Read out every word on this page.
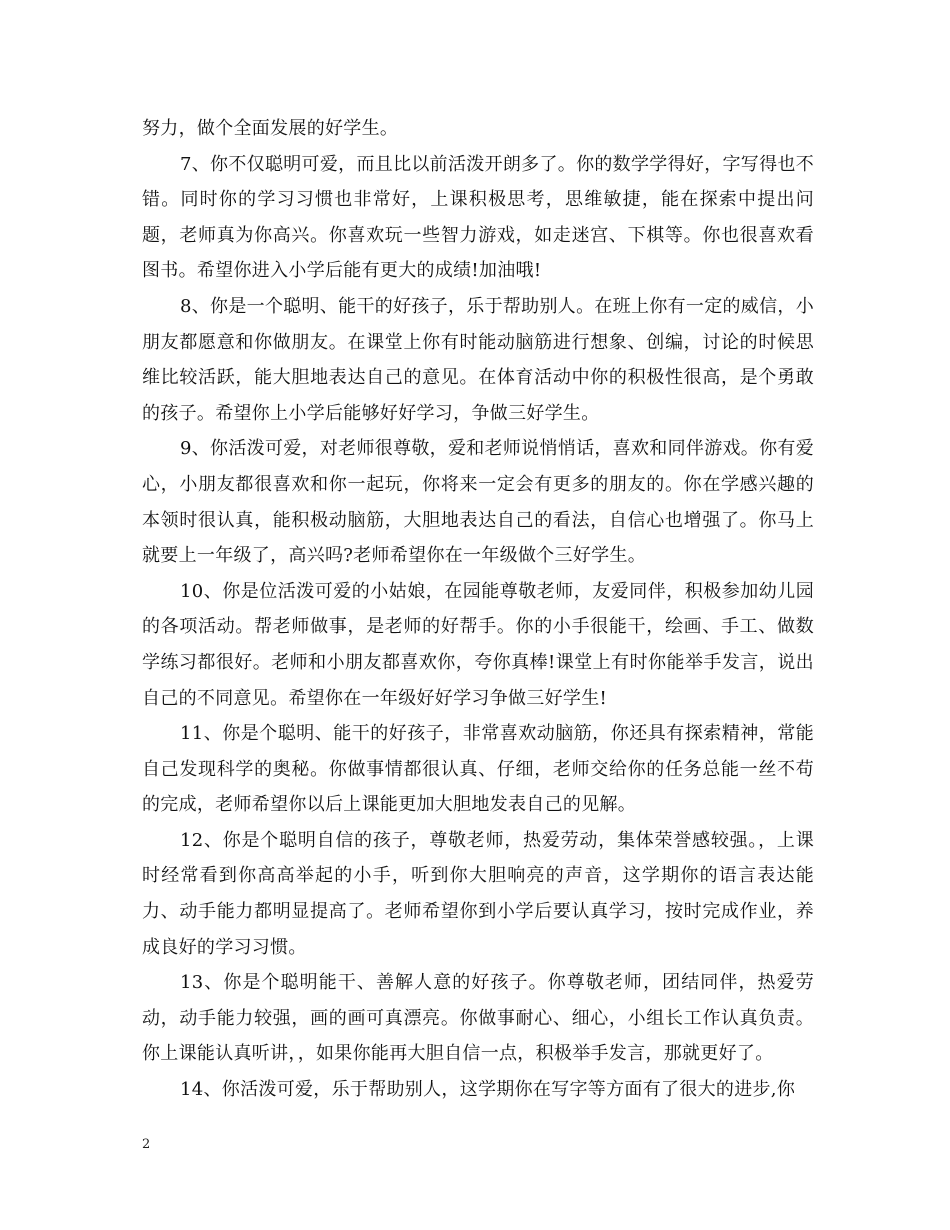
努力，做个全面发展的好学生。

7、你不仅聪明可爱，而且比以前活泼开朗多了。你的数学学得好，字写得也不错。同时你的学习习惯也非常好，上课积极思考，思维敏捷，能在探索中提出问题，老师真为你高兴。你喜欢玩一些智力游戏，如走迷宫、下棋等。你也很喜欢看图书。希望你进入小学后能有更大的成绩!加油哦!

8、你是一个聪明、能干的好孩子，乐于帮助别人。在班上你有一定的威信，小朋友都愿意和你做朋友。在课堂上你有时能动脑筋进行想象、创编，讨论的时候思维比较活跃，能大胆地表达自己的意见。在体育活动中你的积极性很高，是个勇敢的孩子。希望你上小学后能够好好学习，争做三好学生。

9、你活泼可爱，对老师很尊敬，爱和老师说悄悄话，喜欢和同伴游戏。你有爱心，小朋友都很喜欢和你一起玩，你将来一定会有更多的朋友的。你在学感兴趣的本领时很认真，能积极动脑筋，大胆地表达自己的看法，自信心也增强了。你马上就要上一年级了，高兴吗?老师希望你在一年级做个三好学生。

10、你是位活泼可爱的小姑娘，在园能尊敬老师，友爱同伴，积极参加幼儿园的各项活动。帮老师做事，是老师的好帮手。你的小手很能干，绘画、手工、做数学练习都很好。老师和小朋友都喜欢你，夸你真棒!课堂上有时你能举手发言，说出自己的不同意见。希望你在一年级好好学习争做三好学生!

11、你是个聪明、能干的好孩子，非常喜欢动脑筋，你还具有探索精神，常能自己发现科学的奥秘。你做事情都很认真、仔细，老师交给你的任务总能一丝不苟的完成，老师希望你以后上课能更加大胆地发表自己的见解。

12、你是个聪明自信的孩子，尊敬老师，热爱劳动，集体荣誉感较强。，上课时经常看到你高高举起的小手，听到你大胆响亮的声音，这学期你的语言表达能力、动手能力都明显提高了。老师希望你到小学后要认真学习，按时完成作业，养成良好的学习习惯。

13、你是个聪明能干、善解人意的好孩子。你尊敬老师，团结同伴，热爱劳动，动手能力较强，画的画可真漂亮。你做事耐心、细心，小组长工作认真负责。你上课能认真听讲，，如果你能再大胆自信一点，积极举手发言，那就更好了。

14、你活泼可爱，乐于帮助别人，这学期你在写字等方面有了很大的进步,你

2
